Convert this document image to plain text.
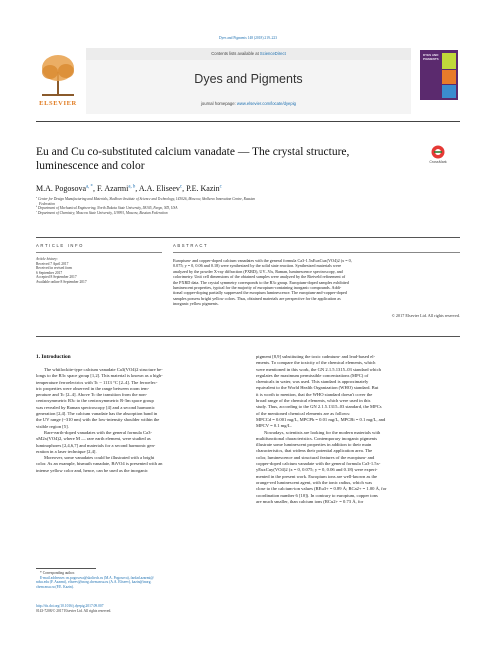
Dyes and Pigments 148 (2018) 219–223
ELSEVIER
Contents lists available at ScienceDirect
Dyes and Pigments
journal homepage: www.elsevier.com/locate/dyepig
DYES AND PIGMENTS
Eu and Cu co-substituted calcium vanadate — The crystal structure,
luminescence and color	CrossMark
M.A. Pogosova$^{a, *}$, F. Azarmi$^{a, b}$, A.A. Eliseev$^c$, P.E. Kazin$^c$
$^a$ Center for Design Manufacturing and Materials, Skolkovo Institute of Science and Technology, 143026, Moscow, Skolkovo Innovation Centre, Russian
Federation
$^b$ Department of Mechanical Engineering, North Dakota State University, 58105, Fargo, ND, USA
$^c$ Department of Chemistry, Moscow State University, 119991, Moscow, Russian Federation
ARTICLE INFO
Article history:
Received 7 April 2017
Received in revised form
6 September 2017
Accepted 8 September 2017
Available online 8 September 2017
ABSTRACT
Europium- and copper-doped calcium vanadates with the general formula Ca3-1.5xEuxCux(VO4)2 (x = 0,
0.075; y = 0, 0.06 and 0.18) were synthesized by the solid state reaction. Synthesized materials were
analyzed by the powder X-ray diffraction (PXRD), UV–Vis, Raman, luminescence spectroscopy, and
colorimetry. Unit cell dimensions of the obtained samples were analyzed by the Rietveld refinement of
the PXRD data. The crystal symmetry corresponds to the R3c group. Europium-doped samples exhibited
luminescent properties, typical for the majority of europium-containing inorganic compounds. Addi-
tional copper-doping partially suppressed the europium luminescence. The europium-and-copper-doped
samples possess bright yellow colors. Thus, obtained materials are perspective for the application as
inorganic yellow pigments.
© 2017 Elsevier Ltd. All rights reserved.
1. Introduction
The whitlockite-type calcium vanadate Ca3(VO4)2 structure be-
longs to the R3c space group [1,2]. This material is known as a high-
temperature ferroelectrics with Tc ~ 1113 °C [2–4]. The ferroelec-
tric properties were observed in the range between room tem-
perature and Tc [2–4]. Above Tc the transition from the non-
centrosymmetric R3c to the centrosymmetric R-3m space group
was revealed by Raman spectroscopy [4] and a second harmonic
generation [2,4]. The calcium vanadate has the absorption band in
the UV range (~310 nm) with the low-intensity shoulder within the
visible region [5].
Rare-earth-doped vanadates with the general formula Ca3-
xM2x(VO4)2, where M — rare earth element, were studied as
luminophores [2,4,6,7] and materials for a second harmonic gen-
eration in a laser technique [2,4].
Moreover, some vanadates could be illustrated with a bright
color. As an example, bismuth vanadate, BiVO4 is presented with an
intense yellow color and, hence, can be used as the inorganic
pigment [8,9] substituting the toxic cadmium- and lead-based el-
ements. To compare the toxicity of the chemical elements, which
were mentioned in this work, the GN 2.1.5.1315–03 standard which
regulates the maximum permissible concentrations (MPC) of
chemicals in water, was used. This standard is approximately
equivalent to the World Health Organization (WHO) standard. But
it is worth to mention, that the WHO standard doesn't cover the
broad range of the chemical elements, which were used in this
study. Thus, according to the GN 2.1.5.1315–03 standard, the MPCs
of the mentioned chemical elements are as follows:
MPCCd = 0.001 mg/L, MPCPb = 0.01 mg/L, MPCBi = 0.1 mg/L, and
MPCV = 0.1 mg/L.
Nowadays, scientists are looking for the modern materials with
multifunctional characteristics. Contemporary inorganic pigments
illustrate some luminescent properties in addition to their main
characteristics, that widens their potential application area. The
color, luminescence and structural features of the europium- and
copper-doped calcium vanadate with the general formula Ca3-1.5x-
yEuxCuy(VO4)2 (x = 0, 0.075; y = 0, 0.06 and 0.18) were experi-
mented in the present work. Europium ions are well-known as the
orange-red luminescent agent, with the ionic radius, which was
close to the calcium-ion values (REu3+ = 0.89 Å; RCa2+ = 1.00 Å, for
coordination number 6 [10]). In contrary to europium, copper ions
are much smaller, than calcium ions (RCu2+ = 0.73 Å, for
* Corresponding author.
E-mail addresses: m.pogosova@skoltech.ru (M.A. Pogosova), fardad.azarmi@
ndsu.edu (F. Azarmi), eliseev@inorg.chem.msu.ru (A.A. Eliseev), kazin@inorg.
chem.msu.ru (P.E. Kazin).
http://dx.doi.org/10.1016/j.dyepig.2017.09.007
0143-7208/© 2017 Elsevier Ltd. All rights reserved.
